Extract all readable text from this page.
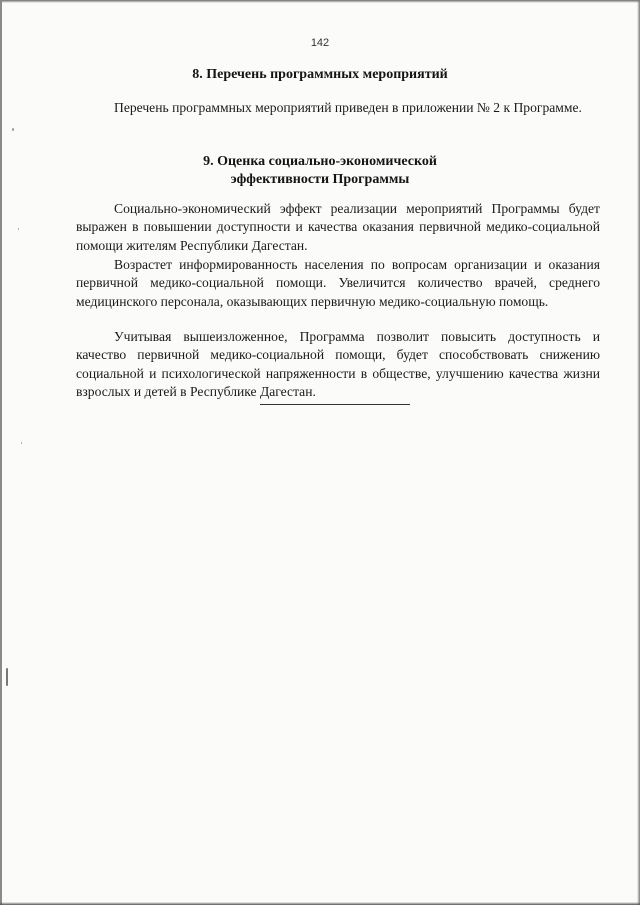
142
8. Перечень программных мероприятий

Перечень программных мероприятий приведен в приложении № 2 к Программе.

9. Оценка социально-экономической
эффективности Программы

Социально-экономический эффект реализации мероприятий Программы будет выражен в повышении доступности и качества оказания первичной медико-социальной помощи жителям Республики Дагестан.

Возрастет информированность населения по вопросам организации и оказания первичной медико-социальной помощи. Увеличится количество врачей, среднего медицинского персонала, оказывающих первичную медико-социальную помощь.

Учитывая вышеизложенное, Программа позволит повысить доступность и качество первичной медико-социальной помощи, будет способствовать снижению социальной и психологической напряженности в обществе, улучшению качества жизни взрослых и детей в Республике Дагестан.
